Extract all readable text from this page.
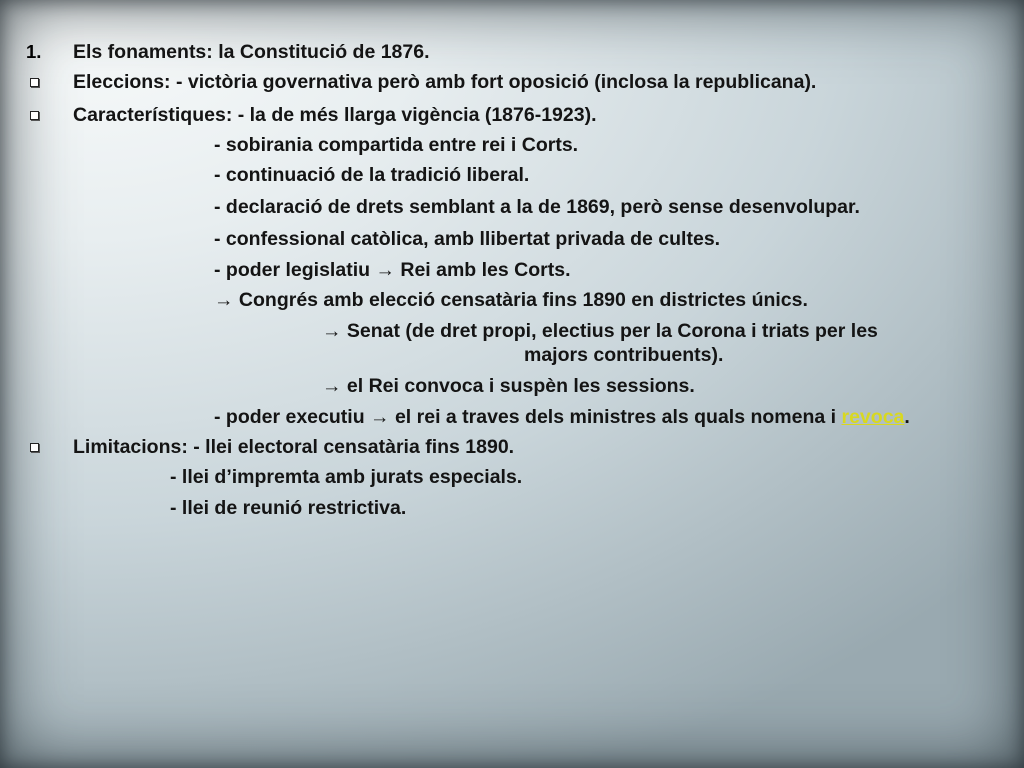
1. Els fonaments: la Constitució de 1876.
Eleccions: - victòria governativa però amb fort oposició (inclosa la republicana).
Característiques: - la de més llarga vigència (1876-1923).
- sobirania compartida entre rei i Corts.
- continuació de la tradició liberal.
- declaració de drets semblant a la de 1869, però sense desenvolupar.
- confessional catòlica, amb llibertat privada de cultes.
- poder legislatiu → Rei amb les Corts.
→ Congrés amb elecció censatària fins 1890 en districtes únics.
→ Senat (de dret propi, electius per la Corona i triats per les
majors contribuents).
→ el Rei convoca i suspèn les sessions.
- poder executiu → el rei a traves dels ministres als quals nomena i revoca.
Limitacions: - llei electoral censatària fins 1890.
- llei d’impremta amb jurats especials.
- llei de reunió restrictiva.
